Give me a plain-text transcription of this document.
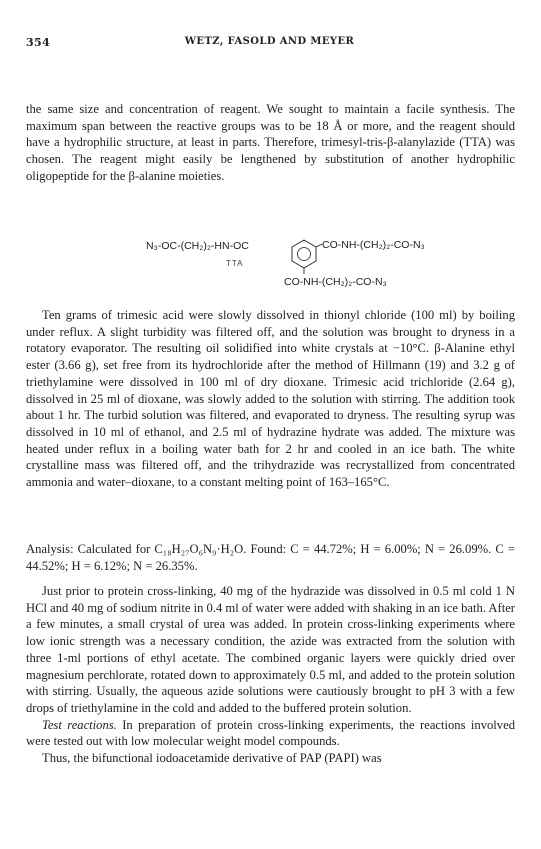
354	WETZ, FASOLD AND MEYER

the same size and concentration of reagent. We sought to maintain a facile synthesis. The maximum span between the reactive groups was to be 18 Å or more, and the reagent should have a hydrophilic structure, at least in parts. Therefore, trimesyl-tris-β-alanylazide (TTA) was chosen. The reagent might easily be lengthened by substitution of another hydrophilic oligopeptide for the β-alanine moieties.

N₃-OC-(CH₂)₂-HN-OC	CO-NH-(CH₂)₂-CO-N₃
TTA
CO-NH-(CH₂)₂-CO-N₃

Ten grams of trimesic acid were slowly dissolved in thionyl chloride (100 ml) by boiling under reflux. A slight turbidity was filtered off, and the solution was brought to dryness in a rotatory evaporator. The resulting oil solidified into white crystals at −10°C. β-Alanine ethyl ester (3.66 g), set free from its hydrochloride after the method of Hillmann (19) and 3.2 g of triethylamine were dissolved in 100 ml of dry dioxane. Trimesic acid trichloride (2.64 g), dissolved in 25 ml of dioxane, was slowly added to the solution with stirring. The addition took about 1 hr. The turbid solution was filtered, and evaporated to dryness. The resulting syrup was dissolved in 10 ml of ethanol, and 2.5 ml of hydrazine hydrate was added. The mixture was heated under reflux in a boiling water bath for 2 hr and cooled in an ice bath. The white crystalline mass was filtered off, and the trihydrazide was recrystallized from concentrated ammonia and water–dioxane, to a constant melting point of 163–165°C.

Analysis: Calculated for C₁₈H₂₇O₆N₉·H₂O. Found: C = 44.72%; H = 6.00%; N = 26.09%. C = 44.52%; H = 6.12%; N = 26.35%.

Just prior to protein cross-linking, 40 mg of the hydrazide was dissolved in 0.5 ml cold 1 N HCl and 40 mg of sodium nitrite in 0.4 ml of water were added with shaking in an ice bath. After a few minutes, a small crystal of urea was added. In protein cross-linking experiments where low ionic strength was a necessary condition, the azide was extracted from the solution with three 1-ml portions of ethyl acetate. The combined organic layers were quickly dried over magnesium perchlorate, rotated down to approximately 0.5 ml, and added to the protein solution with stirring. Usually, the aqueous azide solutions were cautiously brought to pH 3 with a few drops of triethylamine in the cold and added to the buffered protein solution.

Test reactions. In preparation of protein cross-linking experiments, the reactions involved were tested out with low molecular weight model compounds.

Thus, the bifunctional iodoacetamide derivative of PAP (PAPI) was
